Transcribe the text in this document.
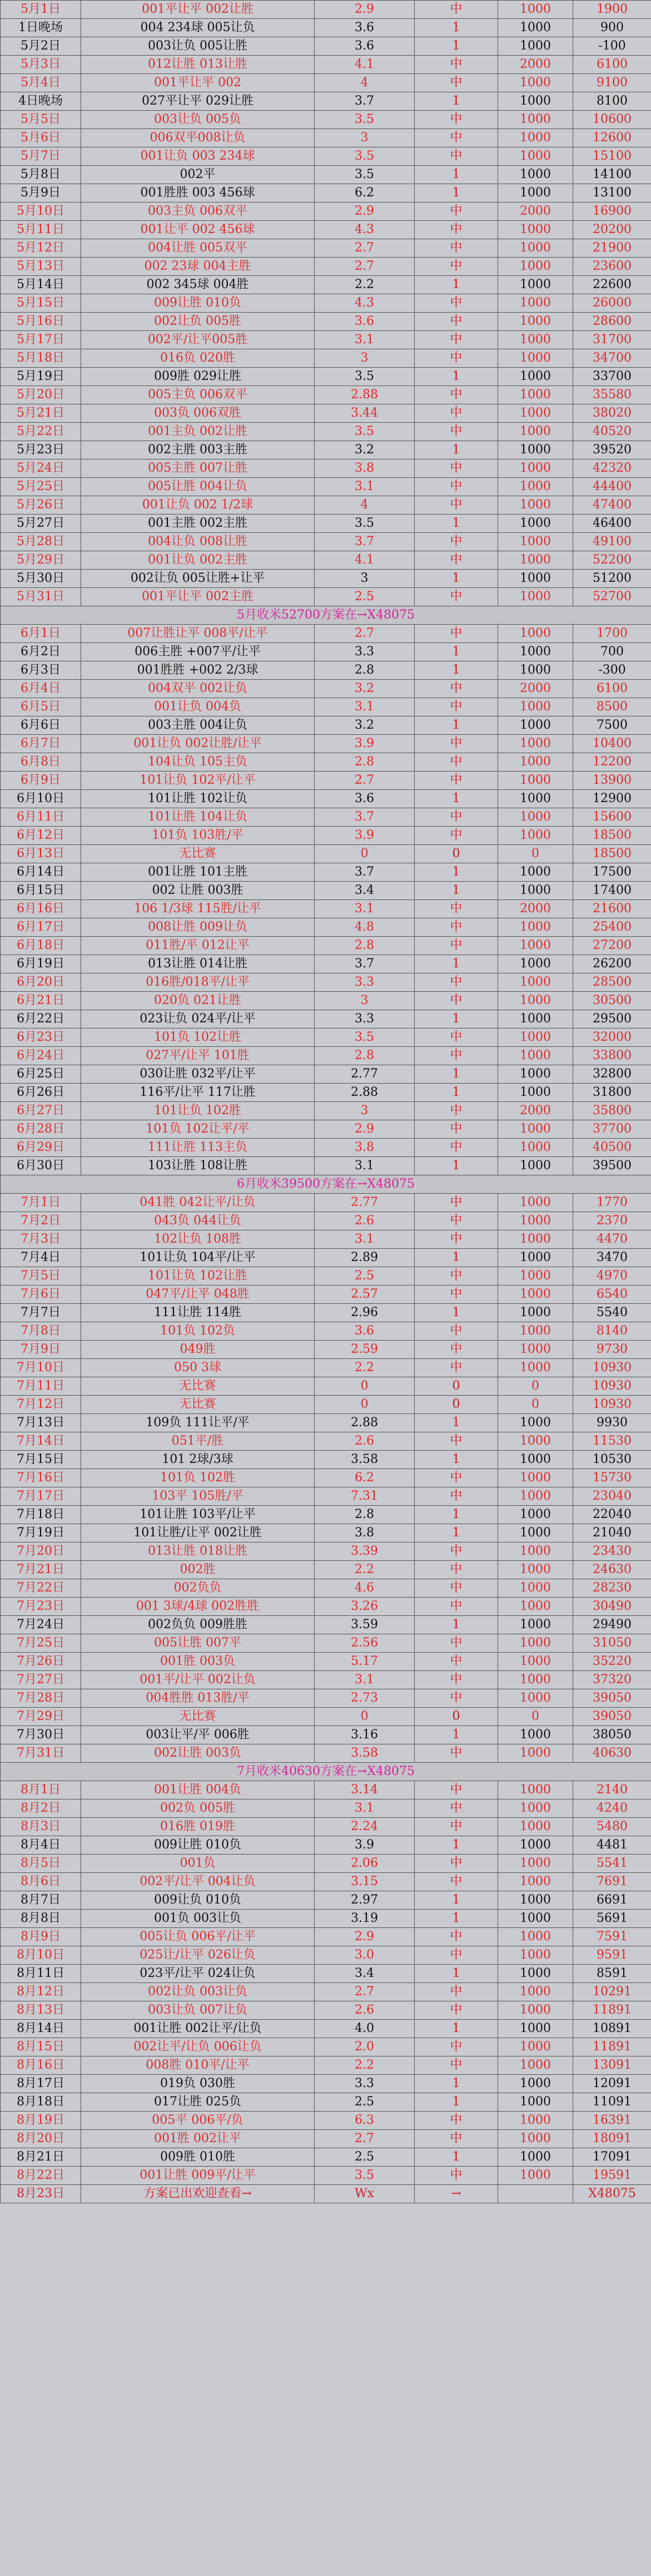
5月1日	001平让平 002让胜	2.9	中	1000	1900
1日晚场	004 234球 005让负	3.6	1	1000	900
5月2日	003让负 005让胜	3.6	1	1000	-100
5月3日	012让胜 013让胜	4.1	中	2000	6100
5月4日	001平让平 002	4	中	1000	9100
4日晚场	027平让平 029让胜	3.7	1	1000	8100
5月5日	003让负 005负	3.5	中	1000	10600
5月6日	006双平008让负	3	中	1000	12600
5月7日	001让负 003 234球	3.5	中	1000	15100
5月8日	002平	3.5	1	1000	14100
5月9日	001胜胜 003 456球	6.2	1	1000	13100
5月10日	003主负 006双平	2.9	中	2000	16900
5月11日	001让平 002 456球	4.3	中	1000	20200
5月12日	004让胜 005双平	2.7	中	1000	21900
5月13日	002 23球 004主胜	2.7	中	1000	23600
5月14日	002 345球 004胜	2.2	1	1000	22600
5月15日	009让胜 010负	4.3	中	1000	26000
5月16日	002让负 005胜	3.6	中	1000	28600
5月17日	002平/让平005胜	3.1	中	1000	31700
5月18日	016负 020胜	3	中	1000	34700
5月19日	009胜 029让胜	3.5	1	1000	33700
5月20日	005主负 006双平	2.88	中	1000	35580
5月21日	003负 006双胜	3.44	中	1000	38020
5月22日	001主负 002让胜	3.5	中	1000	40520
5月23日	002主胜 003主胜	3.2	1	1000	39520
5月24日	005主胜 007让胜	3.8	中	1000	42320
5月25日	005让胜 004让负	3.1	中	1000	44400
5月26日	001让负 002 1/2球	4	中	1000	47400
5月27日	001主胜 002主胜	3.5	1	1000	46400
5月28日	004让负 008让胜	3.7	中	1000	49100
5月29日	001让负 002主胜	4.1	中	1000	52200
5月30日	002让负 005让胜+让平	3	1	1000	51200
5月31日	001平让平 002主胜	2.5	中	1000	52700
5月收米52700方案在→X48075					
6月1日	007让胜让平 008平/让平	2.7	中	1000	1700
6月2日	006主胜 +007平/让平	3.3	1	1000	700
6月3日	001胜胜 +002 2/3球	2.8	1	1000	-300
6月4日	004双平 002让负	3.2	中	2000	6100
6月5日	001让负 004负	3.1	中	1000	8500
6月6日	003主胜 004让负	3.2	1	1000	7500
6月7日	001让负 002让胜/让平	3.9	中	1000	10400
6月8日	104让负 105主负	2.8	中	1000	12200
6月9日	101让负 102平/让平	2.7	中	1000	13900
6月10日	101让胜 102让负	3.6	1	1000	12900
6月11日	101让胜 104让负	3.7	中	1000	15600
6月12日	101负 103胜/平	3.9	中	1000	18500
6月13日	无比赛	0	0	0	18500
6月14日	001让胜 101主胜	3.7	1	1000	17500
6月15日	002 让胜 003胜	3.4	1	1000	17400
6月16日	106 1/3球 115胜/让平	3.1	中	2000	21600
6月17日	008让胜 009让负	4.8	中	1000	25400
6月18日	011胜/平 012让平	2.8	中	1000	27200
6月19日	013让胜 014让胜	3.7	1	1000	26200
6月20日	016胜/018平/让平	3.3	中	1000	28500
6月21日	020负 021让胜	3	中	1000	30500
6月22日	023让负 024平/让平	3.3	1	1000	29500
6月23日	101负 102让胜	3.5	中	1000	32000
6月24日	027平/让平 101胜	2.8	中	1000	33800
6月25日	030让胜 032平/让平	2.77	1	1000	32800
6月26日	116平/让平 117让胜	2.88	1	1000	31800
6月27日	101让负 102胜	3	中	2000	35800
6月28日	101负 102让平/平	2.9	中	1000	37700
6月29日	111让胜 113主负	3.8	中	1000	40500
6月30日	103让胜 108让胜	3.1	1	1000	39500
6月收米39500方案在→X48075					
7月1日	041胜 042让平/让负	2.77	中	1000	1770
7月2日	043负 044让负	2.6	中	1000	2370
7月3日	102让负 108胜	3.1	中	1000	4470
7月4日	101让负 104平/让平	2.89	1	1000	3470
7月5日	101让负 102让胜	2.5	中	1000	4970
7月6日	047平/让平 048胜	2.57	中	1000	6540
7月7日	111让胜 114胜	2.96	1	1000	5540
7月8日	101负 102负	3.6	中	1000	8140
7月9日	049胜	2.59	中	1000	9730
7月10日	050 3球	2.2	中	1000	10930
7月11日	无比赛	0	0	0	10930
7月12日	无比赛	0	0	0	10930
7月13日	109负 111让平/平	2.88	1	1000	9930
7月14日	051平/胜	2.6	中	1000	11530
7月15日	101 2球/3球	3.58	1	1000	10530
7月16日	101负 102胜	6.2	中	1000	15730
7月17日	103平 105胜/平	7.31	中	1000	23040
7月18日	101让胜 103平/让平	2.8	1	1000	22040
7月19日	101让胜/让平 002让胜	3.8	1	1000	21040
7月20日	013让胜 018让胜	3.39	中	1000	23430
7月21日	002胜	2.2	中	1000	24630
7月22日	002负负	4.6	中	1000	28230
7月23日	001 3球/4球 002胜胜	3.26	中	1000	30490
7月24日	002负负 009胜胜	3.59	1	1000	29490
7月25日	005让胜 007平	2.56	中	1000	31050
7月26日	001胜 003负	5.17	中	1000	35220
7月27日	001平/让平 002让负	3.1	中	1000	37320
7月28日	004胜胜 013胜/平	2.73	中	1000	39050
7月29日	无比赛	0	0	0	39050
7月30日	003让平/平 006胜	3.16	1	1000	38050
7月31日	002让胜 003负	3.58	中	1000	40630
7月收米40630方案在→X48075					
8月1日	001让胜 004负	3.14	中	1000	2140
8月2日	002负 005胜	3.1	中	1000	4240
8月3日	016胜 019胜	2.24	中	1000	5480
8月4日	009让胜 010负	3.9	1	1000	4481
8月5日	001负	2.06	中	1000	5541
8月6日	002平/让平 004让负	3.15	中	1000	7691
8月7日	009让负 010负	2.97	1	1000	6691
8月8日	001负 003让负	3.19	1	1000	5691
8月9日	005让负 006平/让平	2.9	中	1000	7591
8月10日	025让/让平 026让负	3.0	中	1000	9591
8月11日	023平/让平 024让负	3.4	1	1000	8591
8月12日	002让负 003让负	2.7	中	1000	10291
8月13日	003让负 007让负	2.6	中	1000	11891
8月14日	001让胜 002让平/让负	4.0	1	1000	10891
8月15日	002让平/让负 006让负	2.0	中	1000	11891
8月16日	008胜 010平/让平	2.2	中	1000	13091
8月17日	019负 030胜	3.3	1	1000	12091
8月18日	017让胜 025负	2.5	1	1000	11091
8月19日	005平 006平/负	6.3	中	1000	16391
8月20日	001胜 002让平	2.7	中	1000	18091
8月21日	009胜 010胜	2.5	1	1000	17091
8月22日	001让胜 009平/让平	3.5	中	1000	19591
8月23日	方案已出欢迎查看→	Wx	→		X48075
